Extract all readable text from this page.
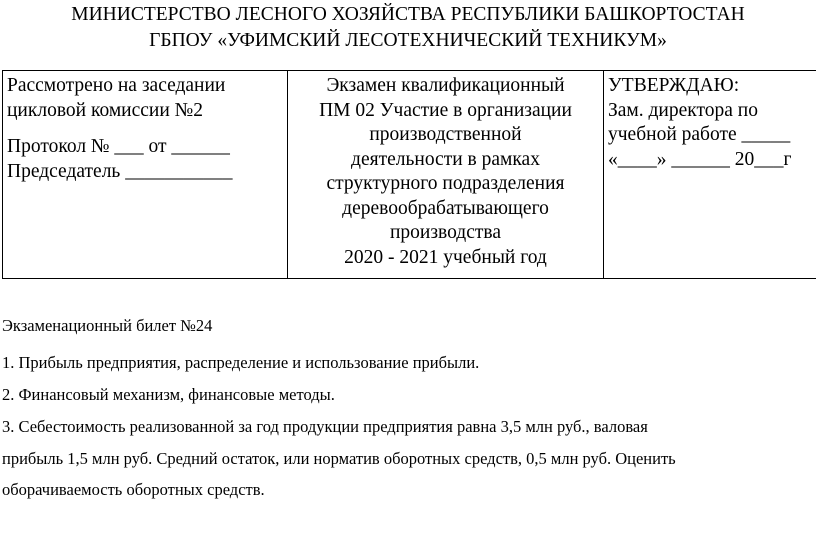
МИНИСТЕРСТВО ЛЕСНОГО ХОЗЯЙСТВА РЕСПУБЛИКИ БАШКОРТОСТАН
ГБПОУ «УФИМСКИЙ ЛЕСОТЕХНИЧЕСКИЙ ТЕХНИКУМ»
Рассмотрено на заседании
цикловой комиссии №2
Протокол № ___ от ______
Председатель ___________

Экзамен квалификационный
ПМ 02 Участие в организации
производственной
деятельности в рамках
структурного подразделения
деревообрабатывающего
производства
2020 - 2021 учебный год

УТВЕРЖДАЮ:
Зам. директора по
учебной работе _____
«____» ______ 20___г

Экзаменационный билет №24

1. Прибыль предприятия, распределение и использование прибыли.

2. Финансовый механизм, финансовые методы.

3. Себестоимость реализованной за год продукции предприятия равна 3,5 млн руб., валовая

прибыль 1,5 млн руб. Средний остаток, или норматив оборотных средств, 0,5 млн руб. Оценить

оборачиваемость оборотных средств.
